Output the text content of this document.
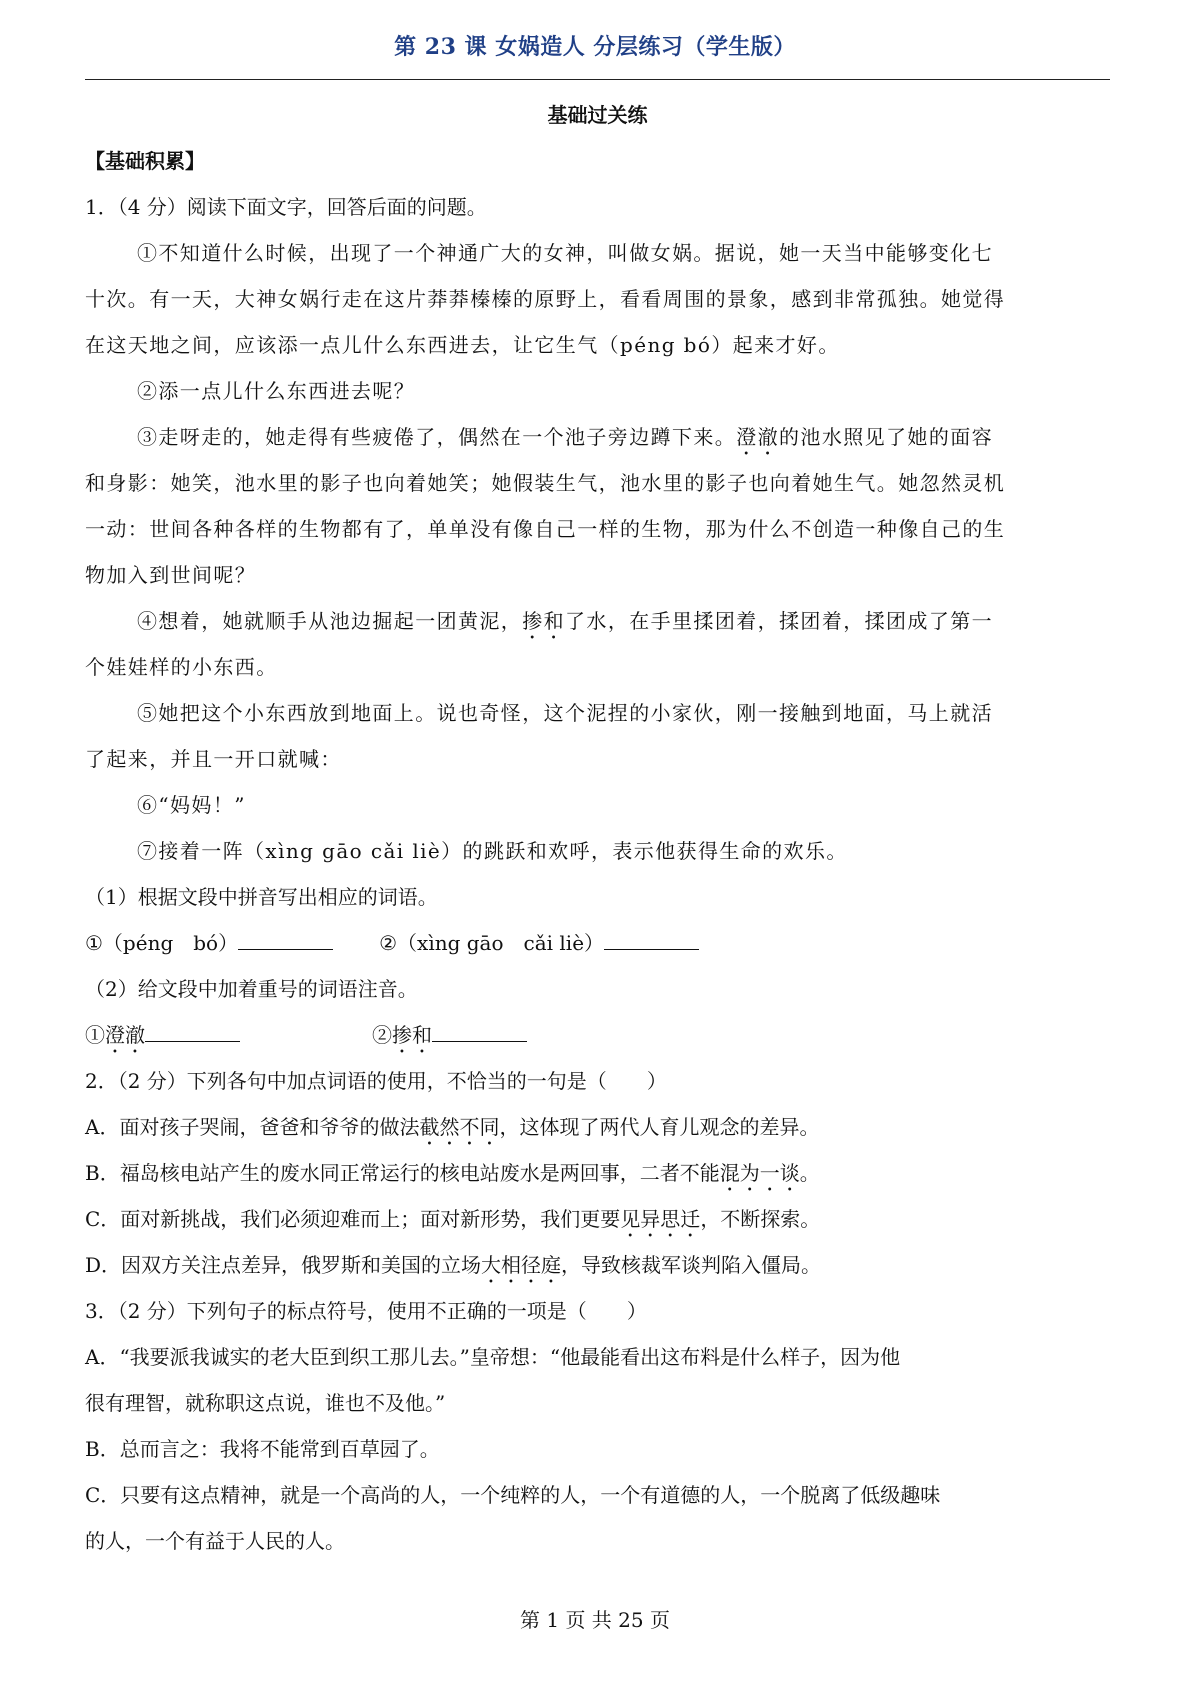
第 23 课 女娲造人 分层练习（学生版）
基础过关练
【基础积累】
1．（4 分）阅读下面文字，回答后面的问题。
①不知道什么时候，出现了一个神通广大的女神，叫做女娲。据说，她一天当中能够变化七
十次。有一天，大神女娲行走在这片莽莽榛榛的原野上，看看周围的景象，感到非常孤独。她觉得
在这天地之间，应该添一点儿什么东西进去，让它生气（péng bó）起来才好。
②添一点儿什么东西进去呢？
③走呀走的，她走得有些疲倦了，偶然在一个池子旁边蹲下来。澄澈的池水照见了她的面容
和身影：她笑，池水里的影子也向着她笑；她假装生气，池水里的影子也向着她生气。她忽然灵机
一动：世间各种各样的生物都有了，单单没有像自己一样的生物，那为什么不创造一种像自己的生
物加入到世间呢？
④想着，她就顺手从池边掘起一团黄泥，掺和了水，在手里揉团着，揉团着，揉团成了第一
个娃娃样的小东西。
⑤她把这个小东西放到地面上。说也奇怪，这个泥捏的小家伙，刚一接触到地面，马上就活
了起来，并且一开口就喊：
⑥“妈妈！”
⑦接着一阵（xìng gāo cǎi liè）的跳跃和欢呼，表示他获得生命的欢乐。
（1）根据文段中拼音写出相应的词语。
①（péng　bó）	②（xìng gāo　cǎi liè）
（2）给文段中加着重号的词语注音。
①澄澈	②掺和
2．（2 分）下列各句中加点词语的使用，不恰当的一句是（ ）
A．面对孩子哭闹，爸爸和爷爷的做法截然不同，这体现了两代人育儿观念的差异。
B．福岛核电站产生的废水同正常运行的核电站废水是两回事，二者不能混为一谈。
C．面对新挑战，我们必须迎难而上；面对新形势，我们更要见异思迁，不断探索。
D．因双方关注点差异，俄罗斯和美国的立场大相径庭，导致核裁军谈判陷入僵局。
3．（2 分）下列句子的标点符号，使用不正确的一项是（ ）
A．“我要派我诚实的老大臣到织工那儿去。”皇帝想：“他最能看出这布料是什么样子，因为他
很有理智，就称职这点说，谁也不及他。”
B．总而言之：我将不能常到百草园了。
C．只要有这点精神，就是一个高尚的人，一个纯粹的人，一个有道德的人，一个脱离了低级趣味
的人，一个有益于人民的人。
第 1 页 共 25 页
